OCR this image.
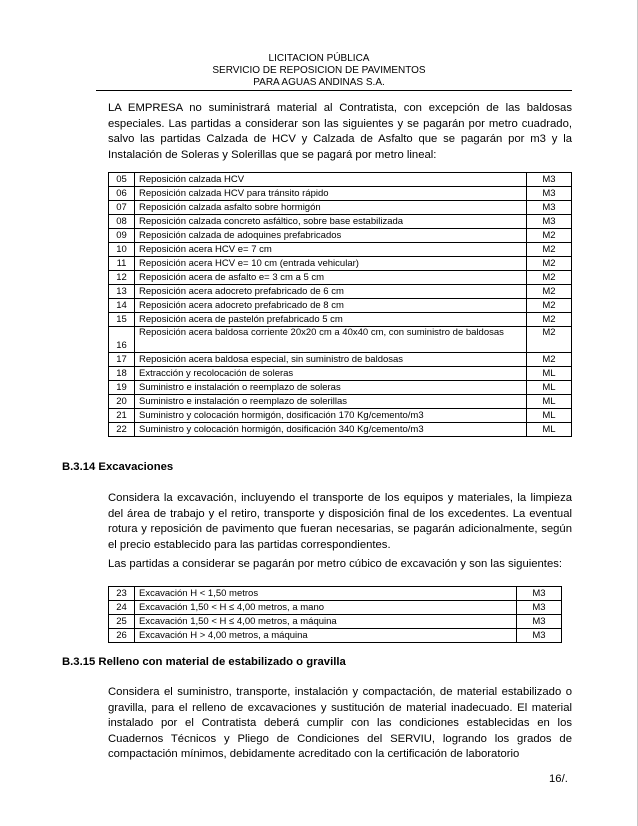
LICITACION PÚBLICA
SERVICIO DE REPOSICION DE PAVIMENTOS
PARA AGUAS ANDINAS S.A.

LA EMPRESA no suministrará material al Contratista, con excepción de las baldosas especiales. Las partidas a considerar son las siguientes y se pagarán por metro cuadrado, salvo las partidas Calzada de HCV y Calzada de Asfalto que se pagarán por m3 y la Instalación de Soleras y Solerillas que se pagará por metro lineal:

05	Reposición calzada HCV	M3
06	Reposición calzada HCV para tránsito rápido	M3
07	Reposición calzada asfalto sobre hormigón	M3
08	Reposición calzada concreto asfáltico, sobre base estabilizada	M3
09	Reposición calzada de adoquines prefabricados	M2
10	Reposición acera HCV e= 7 cm	M2
11	Reposición acera HCV e= 10 cm (entrada vehicular)	M2
12	Reposición acera de asfalto e= 3 cm a 5 cm	M2
13	Reposición acera adocreto prefabricado de 6 cm	M2
14	Reposición acera adocreto prefabricado de 8 cm	M2
15	Reposición acera de pastelón prefabricado 5 cm	M2
16	Reposición acera baldosa corriente 20x20 cm a 40x40 cm, con suministro de baldosas	M2
17	Reposición acera baldosa especial, sin suministro de baldosas	M2
18	Extracción y recolocación de soleras	ML
19	Suministro e instalación o reemplazo de soleras	ML
20	Suministro e instalación o reemplazo de solerillas	ML
21	Suministro y colocación hormigón, dosificación 170 Kg/cemento/m3	ML
22	Suministro y colocación hormigón, dosificación 340 Kg/cemento/m3	ML

B.3.14 Excavaciones

Considera la excavación, incluyendo el transporte de los equipos y materiales, la limpieza del área de trabajo y el retiro, transporte y disposición final de los excedentes. La eventual rotura y reposición de pavimento que fueran necesarias, se pagarán adicionalmente, según el precio establecido para las partidas correspondientes.

Las partidas a considerar se pagarán por metro cúbico de excavación y son las siguientes:

23	Excavación H < 1,50 metros	M3
24	Excavación 1,50 < H ≤ 4,00 metros, a mano	M3
25	Excavación 1,50 < H ≤ 4,00 metros, a máquina	M3
26	Excavación H > 4,00 metros, a máquina	M3

B.3.15 Relleno con material de estabilizado o gravilla

Considera el suministro, transporte, instalación y compactación, de material estabilizado o gravilla, para el relleno de excavaciones y sustitución de material inadecuado. El material instalado por el Contratista deberá cumplir con las condiciones establecidas en los Cuadernos Técnicos y Pliego de Condiciones del SERVIU, logrando los grados de compactación mínimos, debidamente acreditado con la certificación de laboratorio

16/.
